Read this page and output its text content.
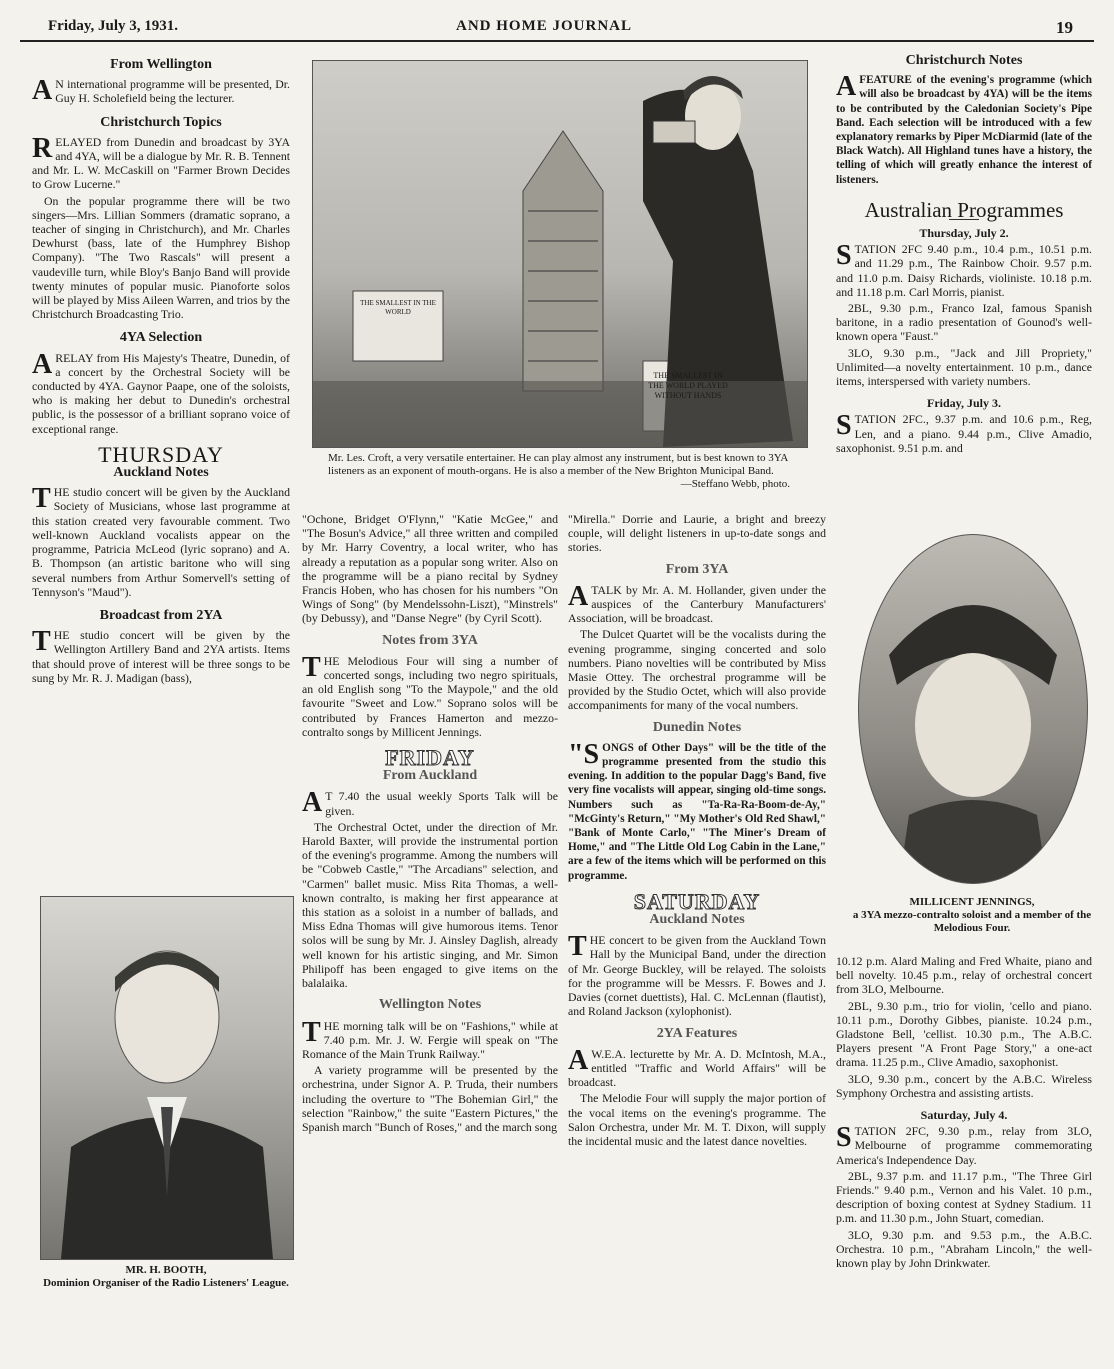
Friday, July 3, 1931.	AND HOME JOURNAL	19
From Wellington

A N international programme will be presented, Dr. Guy H. Scholefield being the lecturer.

Christchurch Topics

RELAYED from Dunedin and broadcast by 3YA and 4YA, will be a dialogue by Mr. R. B. Tennent and Mr. L. W. McCaskill on "Farmer Brown Decides to Grow Lucerne."

On the popular programme there will be two singers—Mrs. Lillian Sommers (dramatic soprano, a teacher of singing in Christchurch), and Mr. Charles Dewhurst (bass, late of the Humphrey Bishop Company). "The Two Rascals" will present a vaudeville turn, while Bloy's Banjo Band will provide twenty minutes of popular music. Pianoforte solos will be played by Miss Aileen Warren, and trios by the Christchurch Broadcasting Trio.

4YA Selection

ARELAY from His Majesty's Theatre, Dunedin, of a concert by the Orchestral Society will be conducted by 4YA. Gaynor Paape, one of the soloists, who is making her debut to Dunedin's orchestral public, is the possessor of a brilliant soprano voice of exceptional range.

THURSDAY
Auckland Notes

THE studio concert will be given by the Auckland Society of Musicians, whose last programme at this station created very favourable comment. Two well-known Auckland vocalists appear on the programme, Patricia McLeod (lyric soprano) and A. B. Thompson (an artistic baritone who will sing several numbers from Arthur Somervell's setting of Tennyson's "Maud").

Broadcast from 2YA

THE studio concert will be given by the Wellington Artillery Band and 2YA artists. Items that should prove of interest will be three songs to be sung by Mr. R. J. Madigan (bass),

MR. H. BOOTH,
Dominion Organiser of the Radio Listeners' League.
THE SMALLEST IN THE WORLD
THE SMALLEST IN THE WORLD PLAYED WITHOUT HANDS
Mr. Les. Croft, a very versatile entertainer. He can play almost any instrument, but is best known to 3YA listeners as an exponent of mouth-organs. He is also a member of the New Brighton Municipal Band.
—Steffano Webb, photo.

"Ochone, Bridget O'Flynn," "Katie McGee," and "The Bosun's Advice," all three written and compiled by Mr. Harry Coventry, a local writer, who has already a reputation as a popular song writer. Also on the programme will be a piano recital by Sydney Francis Hoben, who has chosen for his numbers "On Wings of Song" (by Mendelssohn-Liszt), "Minstrels" (by Debussy), and "Danse Negre" (by Cyril Scott).

Notes from 3YA

THE Melodious Four will sing a number of concerted songs, including two negro spirituals, an old English song "To the Maypole," and the old favourite "Sweet and Low." Soprano solos will be contributed by Frances Hamerton and mezzo-contralto songs by Millicent Jennings.

FRIDAY
From Auckland

A T 7.40 the usual weekly Sports Talk will be given.

The Orchestral Octet, under the direction of Mr. Harold Baxter, will provide the instrumental portion of the evening's programme. Among the numbers will be "Cobweb Castle," "The Arcadians" selection, and "Carmen" ballet music. Miss Rita Thomas, a well-known contralto, is making her first appearance at this station as a soloist in a number of ballads, and Miss Edna Thomas will give humorous items. Tenor solos will be sung by Mr. J. Ainsley Daglish, already well known for his artistic singing, and Mr. Simon Philipoff has been engaged to give items on the balalaika.

Wellington Notes

THE morning talk will be on "Fashions," while at 7.40 p.m. Mr. J. W. Fergie will speak on "The Romance of the Main Trunk Railway."

A variety programme will be presented by the orchestrina, under Signor A. P. Truda, their numbers including the overture to "The Bohemian Girl," the selection "Rainbow," the suite "Eastern Pictures," the Spanish march "Bunch of Roses," and the march song

"Mirella." Dorrie and Laurie, a bright and breezy couple, will delight listeners in up-to-date songs and stories.

From 3YA

ATALK by Mr. A. M. Hollander, given under the auspices of the Canterbury Manufacturers' Association, will be broadcast.

The Dulcet Quartet will be the vocalists during the evening programme, singing concerted and solo numbers. Piano novelties will be contributed by Miss Masie Ottey. The orchestral programme will be provided by the Studio Octet, which will also provide accompaniments for many of the vocal numbers.

Dunedin Notes

"SONGS of Other Days" will be the title of the programme presented from the studio this evening. In addition to the popular Dagg's Band, five very fine vocalists will appear, singing old-time songs. Numbers such as "Ta-Ra-Ra-Boom-de-Ay," "McGinty's Return," "My Mother's Old Red Shawl," "Bank of Monte Carlo," "The Miner's Dream of Home," and "The Little Old Log Cabin in the Lane," are a few of the items which will be performed on this programme.

SATURDAY
Auckland Notes

THE concert to be given from the Auckland Town Hall by the Municipal Band, under the direction of Mr. George Buckley, will be relayed. The soloists for the programme will be Messrs. F. Bowes and J. Davies (cornet duettists), Hal. C. McLennan (flautist), and Roland Jackson (xylophonist).

2YA Features

A W.E.A. lecturette by Mr. A. D. McIntosh, M.A., entitled "Traffic and World Affairs" will be broadcast.

The Melodie Four will supply the major portion of the vocal items on the evening's programme. The Salon Orchestra, under Mr. M. T. Dixon, will supply the incidental music and the latest dance novelties.

Christchurch Notes

AFEATURE of the evening's programme (which will also be broadcast by 4YA) will be the items to be contributed by the Caledonian Society's Pipe Band. Each selection will be introduced with a few explanatory remarks by Piper McDiarmid (late of the Black Watch). All Highland tunes have a history, the telling of which will greatly enhance the interest of listeners.

Australian Programmes
Thursday, July 2.

STATION 2FC 9.40 p.m., 10.4 p.m., 10.51 p.m. and 11.29 p.m., The Rainbow Choir. 9.57 p.m. and 11.0 p.m. Daisy Richards, violiniste. 10.18 p.m. and 11.18 p.m. Carl Morris, pianist.

2BL, 9.30 p.m., Franco Izal, famous Spanish baritone, in a radio presentation of Gounod's well-known opera "Faust."

3LO, 9.30 p.m., "Jack and Jill Propriety," Unlimited—a novelty entertainment. 10 p.m., dance items, interspersed with variety numbers.

Friday, July 3.

STATION 2FC., 9.37 p.m. and 10.6 p.m., Reg, Len, and a piano. 9.44 p.m., Clive Amadio, saxophonist. 9.51 p.m. and

MILLICENT JENNINGS,
a 3YA mezzo-contralto soloist and a member of the Melodious Four.

10.12 p.m. Alard Maling and Fred Whaite, piano and bell novelty. 10.45 p.m., relay of orchestral concert from 3LO, Melbourne.

2BL, 9.30 p.m., trio for violin, 'cello and piano. 10.11 p.m., Dorothy Gibbes, pianiste. 10.24 p.m., Gladstone Bell, 'cellist. 10.30 p.m., The A.B.C. Players present "A Front Page Story," a one-act drama. 11.25 p.m., Clive Amadio, saxophonist.

3LO, 9.30 p.m., concert by the A.B.C. Wireless Symphony Orchestra and assisting artists.

Saturday, July 4.

STATION 2FC, 9.30 p.m., relay from 3LO, Melbourne of programme commemorating America's Independence Day.

2BL, 9.37 p.m. and 11.17 p.m., "The Three Girl Friends." 9.40 p.m., Vernon and his Valet. 10 p.m., description of boxing contest at Sydney Stadium. 11 p.m. and 11.30 p.m., John Stuart, comedian.

3LO, 9.30 p.m. and 9.53 p.m., the A.B.C. Orchestra. 10 p.m., "Abraham Lincoln," the well-known play by John Drinkwater.
